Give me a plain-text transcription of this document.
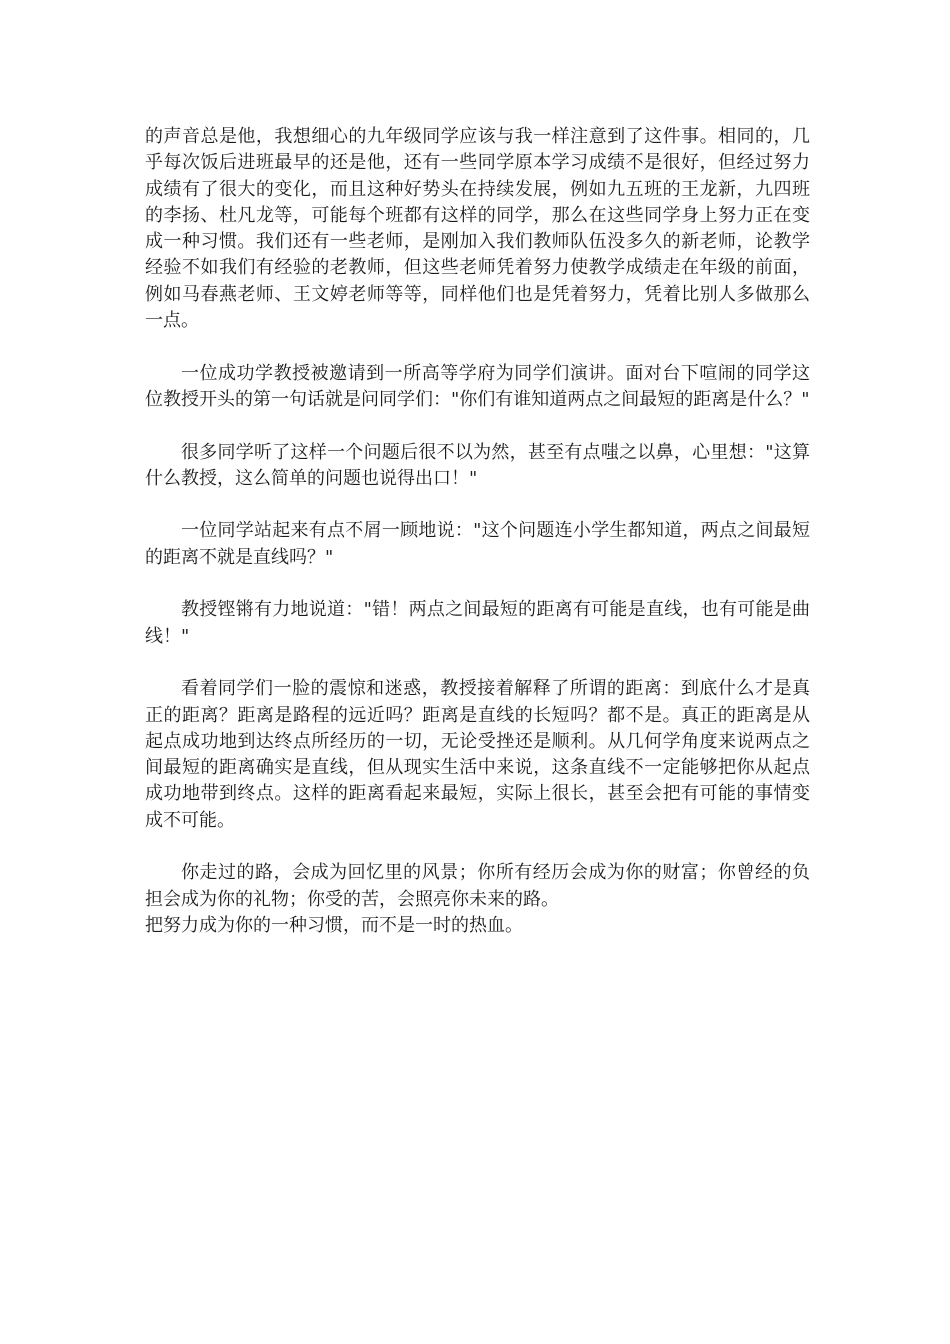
的声音总是他，我想细心的九年级同学应该与我一样注意到了这件事。相同的，几乎每次饭后进班最早的还是他，还有一些同学原本学习成绩不是很好，但经过努力成绩有了很大的变化，而且这种好势头在持续发展，例如九五班的王龙新，九四班的李扬、杜凡龙等，可能每个班都有这样的同学，那么在这些同学身上努力正在变成一种习惯。我们还有一些老师，是刚加入我们教师队伍没多久的新老师，论教学经验不如我们有经验的老教师，但这些老师凭着努力使教学成绩走在年级的前面，例如马春燕老师、王文婷老师等等，同样他们也是凭着努力，凭着比别人多做那么一点。

一位成功学教授被邀请到一所高等学府为同学们演讲。面对台下喧闹的同学这位教授开头的第一句话就是问同学们："你们有谁知道两点之间最短的距离是什么？"

很多同学听了这样一个问题后很不以为然，甚至有点嗤之以鼻，心里想："这算什么教授，这么简单的问题也说得出口！"

一位同学站起来有点不屑一顾地说："这个问题连小学生都知道，两点之间最短的距离不就是直线吗？"

教授铿锵有力地说道："错！两点之间最短的距离有可能是直线，也有可能是曲线！"

看着同学们一脸的震惊和迷惑，教授接着解释了所谓的距离：到底什么才是真正的距离？距离是路程的远近吗？距离是直线的长短吗？都不是。真正的距离是从起点成功地到达终点所经历的一切，无论受挫还是顺利。从几何学角度来说两点之间最短的距离确实是直线，但从现实生活中来说，这条直线不一定能够把你从起点成功地带到终点。这样的距离看起来最短，实际上很长，甚至会把有可能的事情变成不可能。

你走过的路，会成为回忆里的风景；你所有经历会成为你的财富；你曾经的负担会成为你的礼物；你受的苦，会照亮你未来的路。

把努力成为你的一种习惯，而不是一时的热血。
